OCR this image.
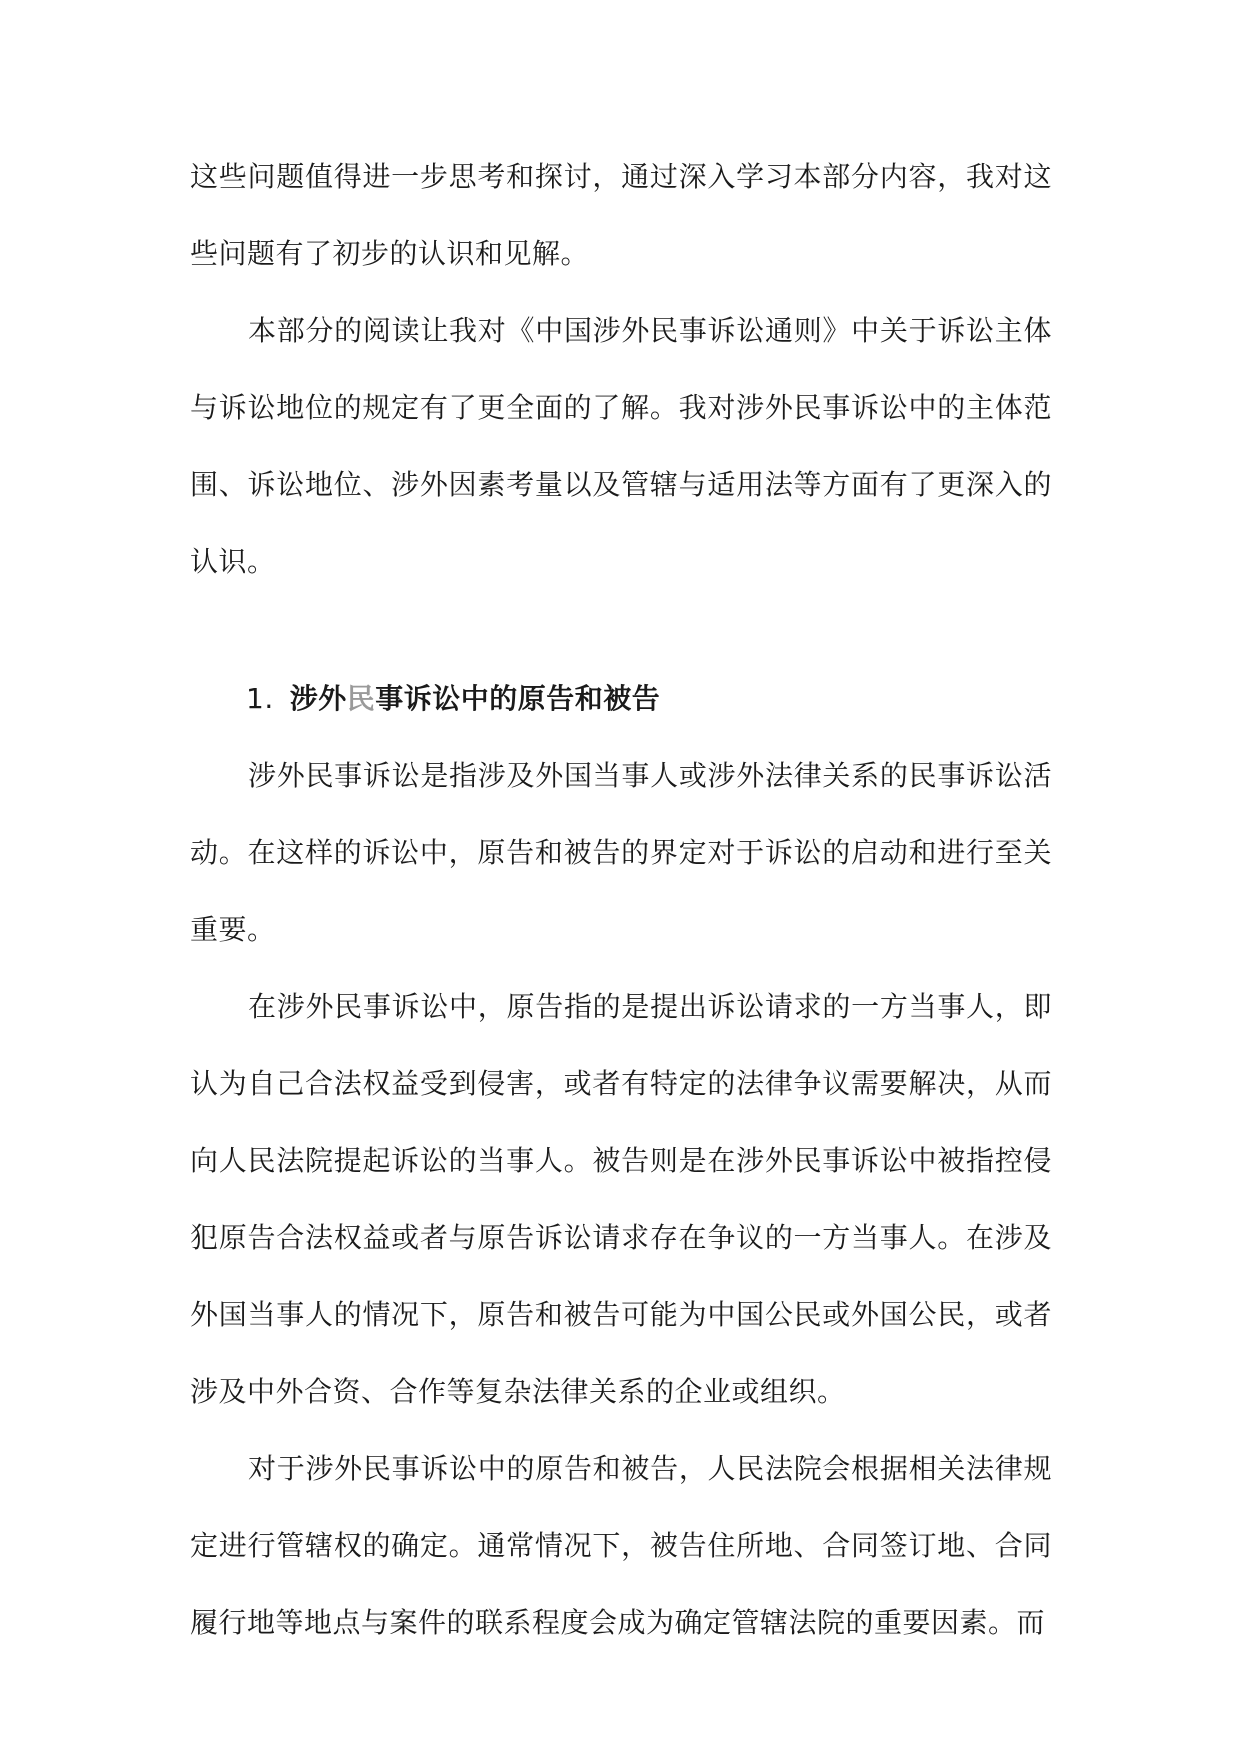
这些问题值得进一步思考和探讨，通过深入学习本部分内容，我对这些问题有了初步的认识和见解。

本部分的阅读让我对《中国涉外民事诉讼通则》中关于诉讼主体与诉讼地位的规定有了更全面的了解。我对涉外民事诉讼中的主体范围、诉讼地位、涉外因素考量以及管辖与适用法等方面有了更深入的认识。

1. 涉外民事诉讼中的原告和被告

涉外民事诉讼是指涉及外国当事人或涉外法律关系的民事诉讼活动。在这样的诉讼中，原告和被告的界定对于诉讼的启动和进行至关重要。

在涉外民事诉讼中，原告指的是提出诉讼请求的一方当事人，即认为自己合法权益受到侵害，或者有特定的法律争议需要解决，从而向人民法院提起诉讼的当事人。被告则是在涉外民事诉讼中被指控侵犯原告合法权益或者与原告诉讼请求存在争议的一方当事人。在涉及外国当事人的情况下，原告和被告可能为中国公民或外国公民，或者涉及中外合资、合作等复杂法律关系的企业或组织。

对于涉外民事诉讼中的原告和被告，人民法院会根据相关法律规定进行管辖权的确定。通常情况下，被告住所地、合同签订地、合同履行地等地点与案件的联系程度会成为确定管辖法院的重要因素。而
